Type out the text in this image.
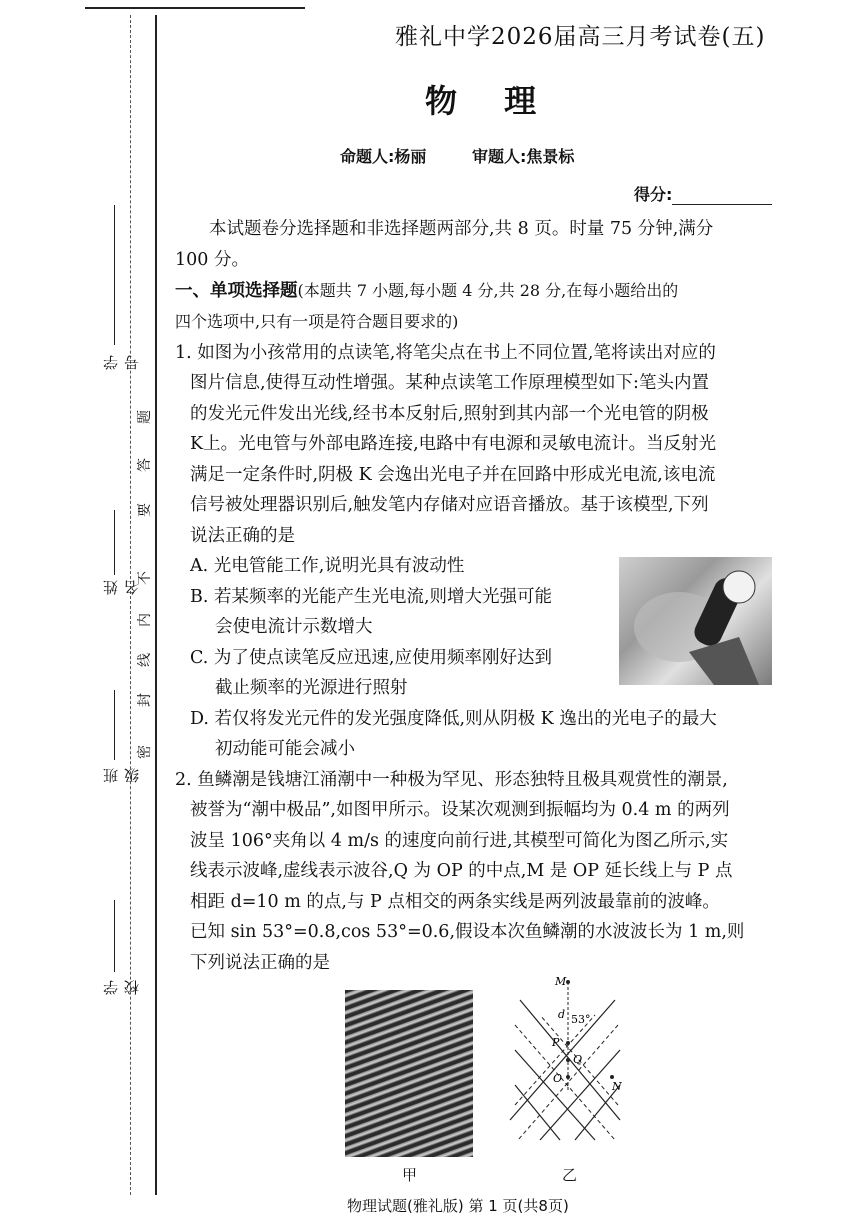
学 校
班 级
姓 名
学 号
密
封
线
内
不
要
答
题
雅礼中学2026届高三月考试卷(五)
物 理
命题人:杨丽	审题人:焦景标
得分:
本试题卷分选择题和非选择题两部分,共 8 页。时量 75 分钟,满分
100 分。
一、单项选择题(本题共 7 小题,每小题 4 分,共 28 分,在每小题给出的
四个选项中,只有一项是符合题目要求的)
1. 如图为小孩常用的点读笔,将笔尖点在书上不同位置,笔将读出对应的
图片信息,使得互动性增强。某种点读笔工作原理模型如下:笔头内置
的发光元件发出光线,经书本反射后,照射到其内部一个光电管的阴极
K上。光电管与外部电路连接,电路中有电源和灵敏电流计。当反射光
满足一定条件时,阴极 K 会逸出光电子并在回路中形成光电流,该电流
信号被处理器识别后,触发笔内存储对应语音播放。基于该模型,下列
说法正确的是
A. 光电管能工作,说明光具有波动性
B. 若某频率的光能产生光电流,则增大光强可能
会使电流计示数增大
C. 为了使点读笔反应迅速,应使用频率刚好达到
截止频率的光源进行照射
D. 若仅将发光元件的发光强度降低,则从阴极 K 逸出的光电子的最大
初动能可能会减小
2. 鱼鳞潮是钱塘江涌潮中一种极为罕见、形态独特且极具观赏性的潮景,
被誉为“潮中极品”,如图甲所示。设某次观测到振幅均为 0.4 m 的两列
波呈 106°夹角以 4 m/s 的速度向前行进,其模型可简化为图乙所示,实
线表示波峰,虚线表示波谷,Q 为 OP 的中点,M 是 OP 延长线上与 P 点
相距 d=10 m 的点,与 P 点相交的两条实线是两列波最靠前的波峰。
已知 sin 53°=0.8,cos 53°=0.6,假设本次鱼鳞潮的水波波长为 1 m,则
下列说法正确的是
甲
M
d 53°
P
Q
O
N
乙
物理试题(雅礼版) 第 1 页(共8页)
